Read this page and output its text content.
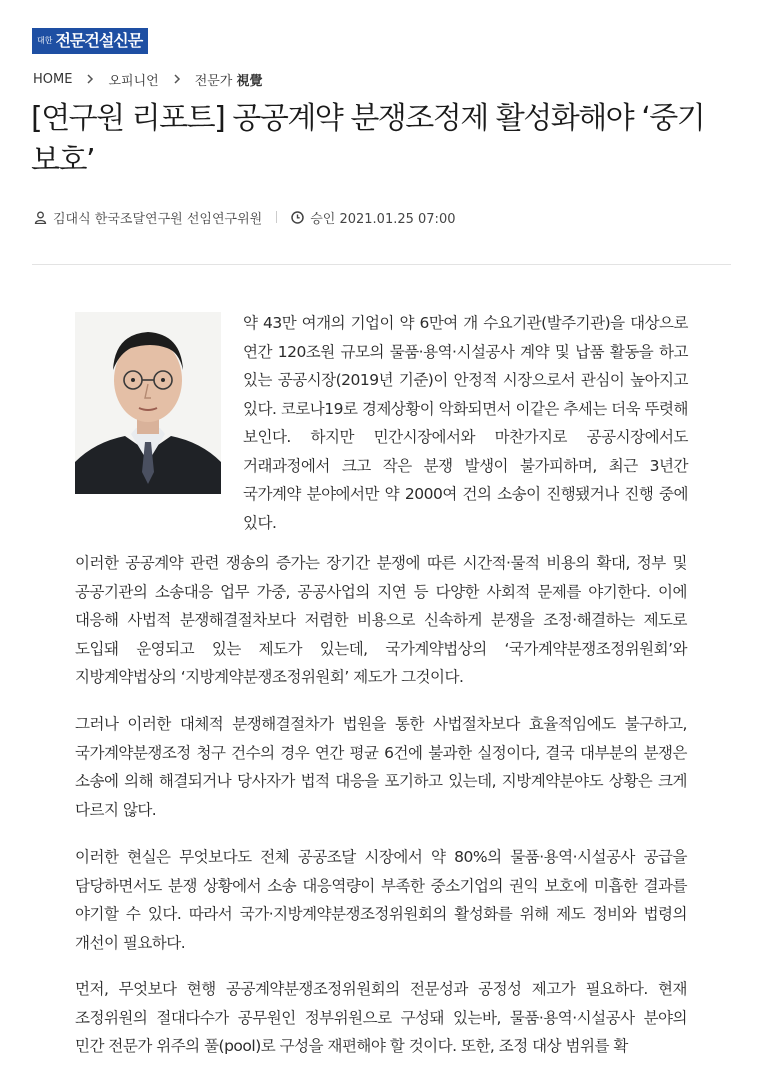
대한 전문건설신문
HOME	오피니언	전문가 視覺
[연구원 리포트] 공공계약 분쟁조정제 활성화해야 ‘중기 보호’
김대식 한국조달연구원 선임연구위원	승인 2021.01.25 07:00

약 43만 여개의 기업이 약 6만여 개 수요기관(발주기관)을 대상으로 연간 120조원 규모의 물품·용역·시설공사 계약 및 납품 활동을 하고 있는 공공시장(2019년 기준)이 안정적 시장으로서 관심이 높아지고 있다. 코로나19로 경제상황이 악화되면서 이같은 추세는 더욱 뚜렷해 보인다. 하지만 민간시장에서와 마찬가지로 공공시장에서도 거래과정에서 크고 작은 분쟁 발생이 불가피하며, 최근 3년간 국가계약 분야에서만 약 2000여 건의 소송이 진행됐거나 진행 중에 있다.

이러한 공공계약 관련 쟁송의 증가는 장기간 분쟁에 따른 시간적·물적 비용의 확대, 정부 및 공공기관의 소송대응 업무 가중, 공공사업의 지연 등 다양한 사회적 문제를 야기한다. 이에 대응해 사법적 분쟁해결절차보다 저렴한 비용으로 신속하게 분쟁을 조정·해결하는 제도로 도입돼 운영되고 있는 제도가 있는데, 국가계약법상의 ‘국가계약분쟁조정위원회’와 지방계약법상의 ‘지방계약분쟁조정위원회’ 제도가 그것이다.

그러나 이러한 대체적 분쟁해결절차가 법원을 통한 사법절차보다 효율적임에도 불구하고, 국가계약분쟁조정 청구 건수의 경우 연간 평균 6건에 불과한 실정이다, 결국 대부분의 분쟁은 소송에 의해 해결되거나 당사자가 법적 대응을 포기하고 있는데, 지방계약분야도 상황은 크게 다르지 않다.

이러한 현실은 무엇보다도 전체 공공조달 시장에서 약 80%의 물품·용역·시설공사 공급을 담당하면서도 분쟁 상황에서 소송 대응역량이 부족한 중소기업의 권익 보호에 미흡한 결과를 야기할 수 있다. 따라서 국가·지방계약분쟁조정위원회의 활성화를 위해 제도 정비와 법령의 개선이 필요하다.

먼저, 무엇보다 현행 공공계약분쟁조정위원회의 전문성과 공정성 제고가 필요하다. 현재 조정위원의 절대다수가 공무원인 정부위원으로 구성돼 있는바, 물품·용역·시설공사 분야의 민간 전문가 위주의 풀(pool)로 구성을 재편해야 할 것이다. 또한, 조정 대상 범위를 확
